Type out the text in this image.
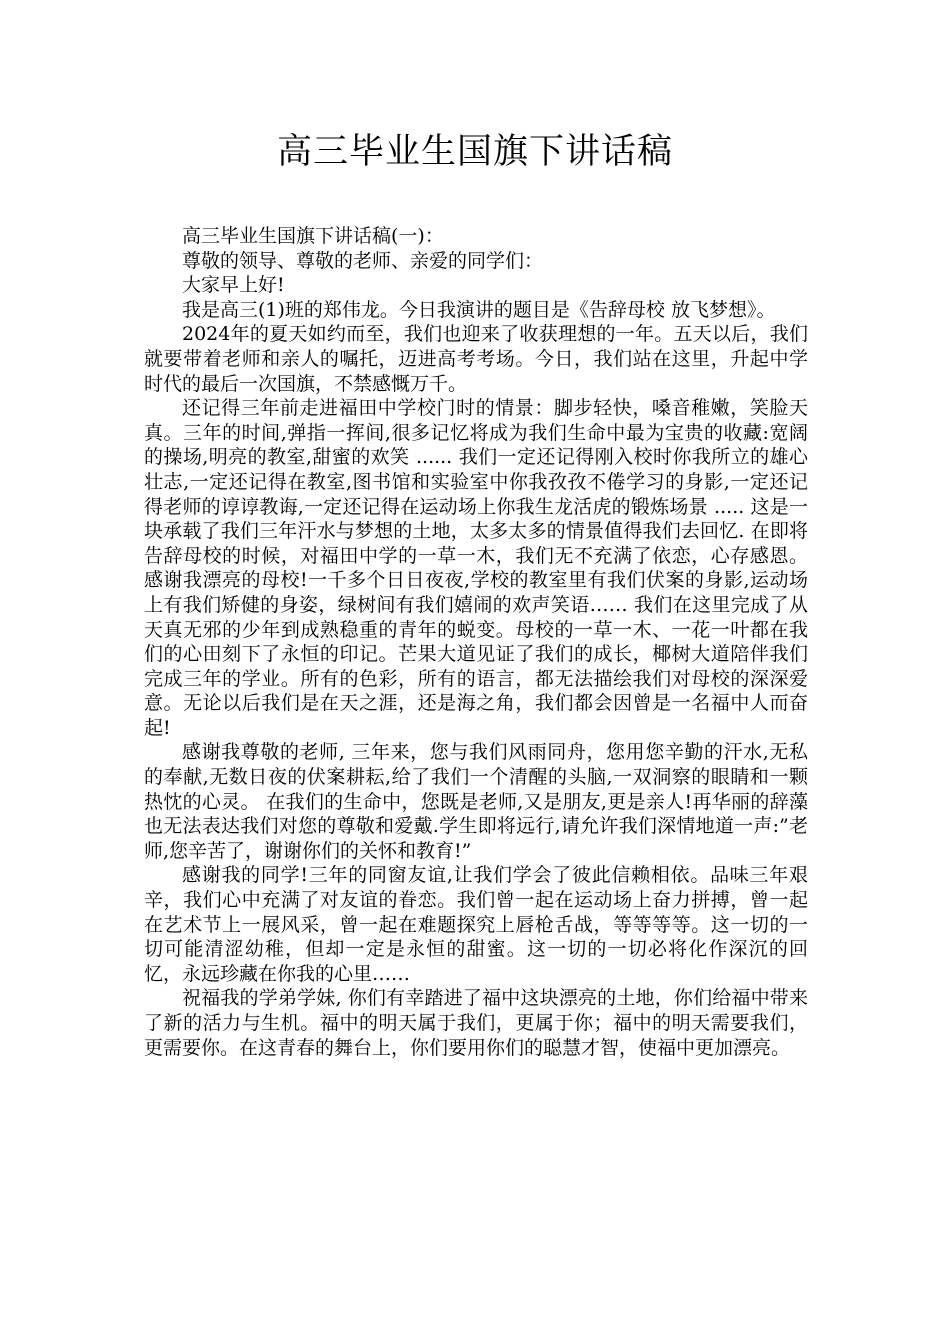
高三毕业生国旗下讲话稿

高三毕业生国旗下讲话稿(一)：

尊敬的领导、尊敬的老师、亲爱的同学们：

大家早上好!

我是高三(1)班的郑伟龙。今日我演讲的题目是《告辞母校 放飞梦想》。

2024年的夏天如约而至，我们也迎来了收获理想的一年。五天以后，我们就要带着老师和亲人的嘱托，迈进高考考场。今日，我们站在这里，升起中学时代的最后一次国旗，不禁感慨万千。

还记得三年前走进福田中学校门时的情景：脚步轻快，嗓音稚嫩，笑脸天真。三年的时间,弹指一挥间,很多记忆将成为我们生命中最为宝贵的收藏:宽阔的操场,明亮的教室,甜蜜的欢笑 ...... 我们一定还记得刚入校时你我所立的雄心壮志,一定还记得在教室,图书馆和实验室中你我孜孜不倦学习的身影,一定还记得老师的谆谆教诲,一定还记得在运动场上你我生龙活虎的锻炼场景 ..... 这是一块承载了我们三年汗水与梦想的土地，太多太多的情景值得我们去回忆. 在即将告辞母校的时候，对福田中学的一草一木，我们无不充满了依恋，心存感恩。 感谢我漂亮的母校!一千多个日日夜夜,学校的教室里有我们伏案的身影,运动场上有我们矫健的身姿，绿树间有我们嬉闹的欢声笑语…… 我们在这里完成了从天真无邪的少年到成熟稳重的青年的蜕变。母校的一草一木、一花一叶都在我们的心田刻下了永恒的印记。芒果大道见证了我们的成长，椰树大道陪伴我们完成三年的学业。所有的色彩，所有的语言，都无法描绘我们对母校的深深爱意。无论以后我们是在天之涯，还是海之角，我们都会因曾是一名福中人而奋起!

感谢我尊敬的老师, 三年来，您与我们风雨同舟，您用您辛勤的汗水,无私的奉献,无数日夜的伏案耕耘,给了我们一个清醒的头脑,一双洞察的眼睛和一颗热忱的心灵。 在我们的生命中，您既是老师,又是朋友,更是亲人!再华丽的辞藻也无法表达我们对您的尊敬和爱戴.学生即将远行,请允许我们深情地道一声:”老师,您辛苦了，谢谢你们的关怀和教育!”

感谢我的同学!三年的同窗友谊,让我们学会了彼此信赖相依。品味三年艰辛，我们心中充满了对友谊的眷恋。我们曾一起在运动场上奋力拼搏，曾一起在艺术节上一展风采，曾一起在难题探究上唇枪舌战，等等等等。这一切的一切可能清涩幼稚，但却一定是永恒的甜蜜。这一切的一切必将化作深沉的回忆，永远珍藏在你我的心里……

祝福我的学弟学妹, 你们有幸踏进了福中这块漂亮的土地，你们给福中带来了新的活力与生机。福中的明天属于我们，更属于你；福中的明天需要我们，更需要你。在这青春的舞台上，你们要用你们的聪慧才智，使福中更加漂亮。
